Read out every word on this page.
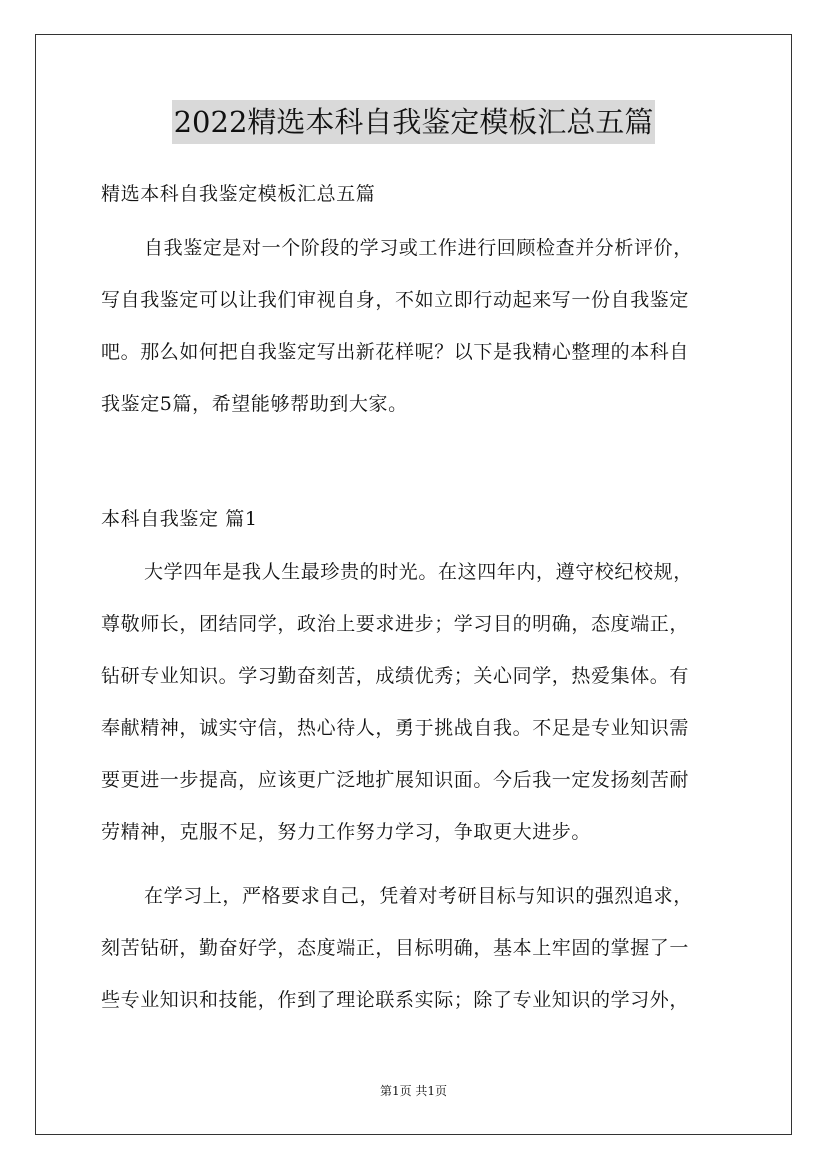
2022精选本科自我鉴定模板汇总五篇
精选本科自我鉴定模板汇总五篇
自我鉴定是对一个阶段的学习或工作进行回顾检查并分析评价，
写自我鉴定可以让我们审视自身，不如立即行动起来写一份自我鉴定
吧。那么如何把自我鉴定写出新花样呢？以下是我精心整理的本科自
我鉴定5篇，希望能够帮助到大家。
本科自我鉴定 篇1
大学四年是我人生最珍贵的时光。在这四年内，遵守校纪校规，
尊敬师长，团结同学，政治上要求进步；学习目的明确，态度端正，
钻研专业知识。学习勤奋刻苦，成绩优秀；关心同学，热爱集体。有
奉献精神，诚实守信，热心待人，勇于挑战自我。不足是专业知识需
要更进一步提高，应该更广泛地扩展知识面。今后我一定发扬刻苦耐
劳精神，克服不足，努力工作努力学习，争取更大进步。
在学习上，严格要求自己，凭着对考研目标与知识的强烈追求，
刻苦钻研，勤奋好学，态度端正，目标明确，基本上牢固的掌握了一
些专业知识和技能，作到了理论联系实际；除了专业知识的学习外，
第1页 共1页
